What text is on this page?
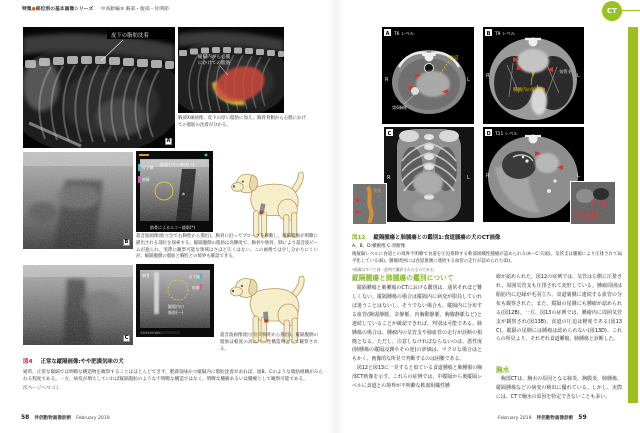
特集●部位別の基本画像シリーズ 中高齢編③ 胸部・腹部・骨関節
皮下の脂肪沈着
A
縦隔内から心膜
にかけての脂肪
胸部X線画像。皮下の厚い脂肪に加え、胸骨背側から心膜にかけての脂肪の沈着が分かる。
B
皮下織
筋層
縦隔右方の脂肪(→)
*
肋骨によるエコー陰影(*)
超音波画像(肋立位で右胸壁から描出)。胸骨に沿ってプローブを移動し、縦隔脂肪が明瞭に描出される部位を探索する。縦隔腹側の脂肪は高輝度で、胸骨や肋骨、肺により超音波ビームが遮られ、実際に観察可能な領域はさほど広くはない。この画像では少し分かりにくいが、縦隔腹側の脂肪と胸腔との境界も確認できる。
C
胸骨
縦隔内の
脂肪(---)
皮下織
筋層
10:54:03 58%	超音波画像(肋立位で胸骨から描出)。縦隔腹側の脂肪は軽度の高エコー性構造物として観察される。
図4 正常な縦隔画像:やや肥満気味の犬
通常、正常な縦隔では明瞭な構造物を観察することはほとんどできず、肥満気味かつ縦隔内に脂肪沈着があれば、図B、Cのような脂肪組織がみられる程度である。一方、病変が増大していれば縦隔脂肪のような不明瞭な構造ではなく、明瞭な腫瘤あるいは腫瘤として観察可能である。
次ページへつづく
58 伴侶動物画像診断 February 2019
CT
食道
第6胸椎
A T6 レベル
R	L
腫瘤内の貯留物
気管支
B T9 レベル
R	L
C
R	L
食道
D T11 レベル
R	L
縦隔腫瘍と連続して
いない胸腔腫瘤(→)
図12 縦隔腫瘍と肺腫瘍との鑑別1:食道腫瘍の犬のCT画像
A、B、D:横断像 C:背断像
後縦隔レベルに食道との境界不明瞭で食道を圧迫排除する軟部組織性腫瘤が認められる(A〜C:矢頭)。気管支は腫瘤により圧排されて扁平化している(B)。腫瘤周囲には食道裏側に連続する血管の走行が認められた(D)。
*画像はすべて同一症例で撮影されたものである。
縦隔腫瘍と肺腫瘍の鑑別について
縦隔腫瘍と肺腫瘍のCTにおける鑑別は、通常それほど難しくない。縦隔腫瘍の場合は縦隔内に病変が限局していれば迷うことはないし、そうでない場合も、縦隔内に分布する血管(腕頭静脈、奇静脈、内胸動静脈、胸腺静脈など)と連続していることが確認できれば、判別は可能である。肺腫瘍の場合は、腫瘤内の気管支や肺血管の走行が診断の根拠となる。ただし、注意しなければならないのは、悪性度(肺腫瘍の縦隔浸潤やその逆)の評価は、マクロな場合はともかく、画像的な所見で判断するのは困難である。
図12と図13に一見すると似ている食道腫瘍と肺腫瘍の胸部CT画像を示す。これらの症例では、中縦隔から後縦隔レベルに食道との境界が不明瞭な軟部組織性腫
瘤が認められた。図12の症例では、気管は左側に圧排され、周囲気管支も圧排されて変形している。腫瘤周囲は脂肪内に辺縁が毛羽立ち、食道裏側に連続する血管の分布も観察された。また、縦隔の尾側にも腫瘤が認められる(図12B)。一方、図13の症例では、腫瘤内に周囲気管支が観察され(図13B)、食道の圧迫は軽度である(図13C)。縦隔の尾側には腫瘤は認められない(図13D)。これらの所見より、それぞれ食道腫瘍、肺腫瘍と診断した。
胸水
胸部CTは、胸水の原因となる肺炎、胸膜炎、肺腫瘍、縦隔腫瘍などの病変の検出に優れている。しかし、実際には、CTで胸水の原因を特定できないことも多い。
February 2019 伴侶動物画像診断 59
